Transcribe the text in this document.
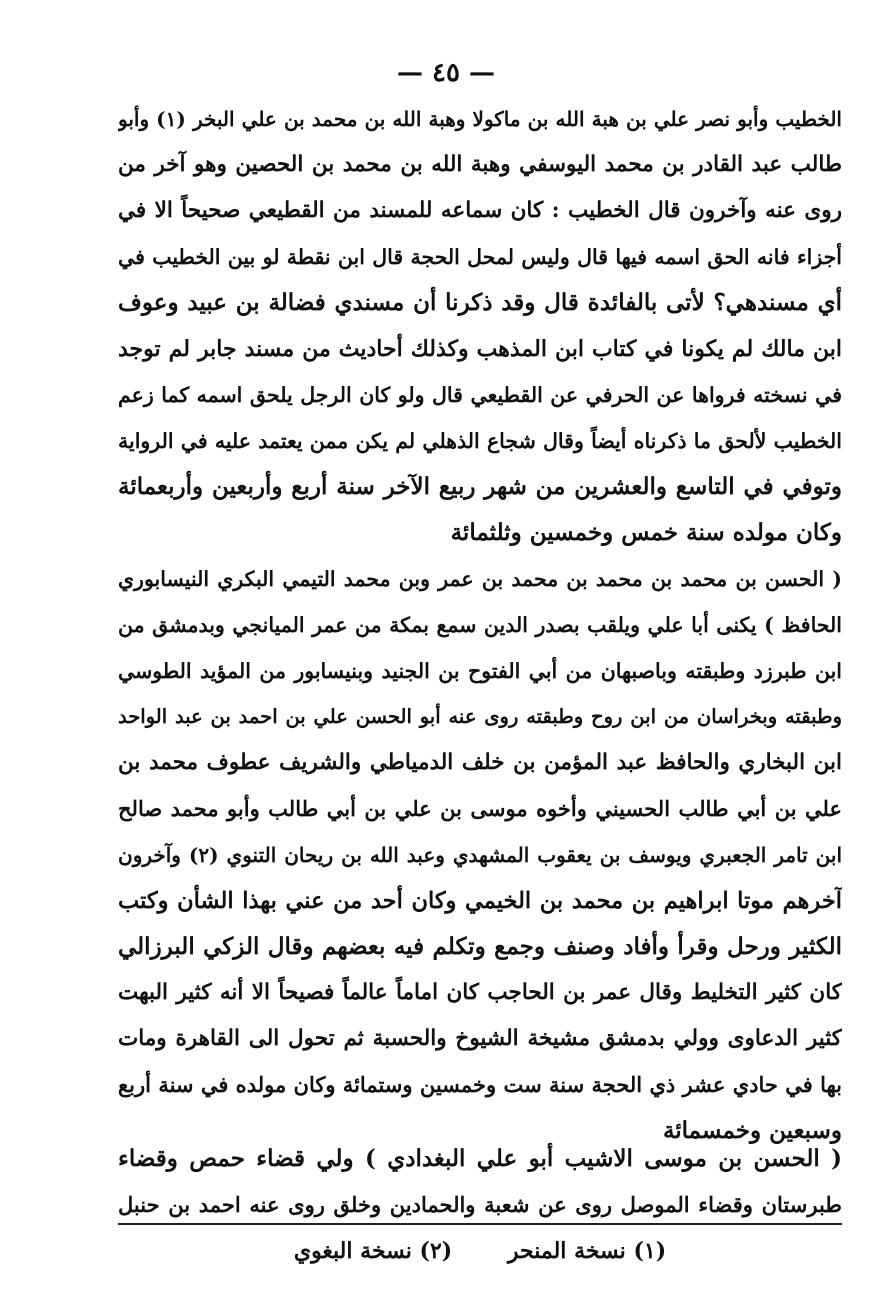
— ٤٥ —
الخطيب وأبو نصر علي بن هبة الله بن ماكولا وهبة الله بن محمد بن علي البخر (١) وأبو
طالب عبد القادر بن محمد اليوسفي وهبة الله بن محمد بن الحصين وهو آخر من
روى عنه وآخرون قال الخطيب : كان سماعه للمسند من القطيعي صحيحاً الا في
أجزاء فانه الحق اسمه فيها قال وليس لمحل الحجة قال ابن نقطة لو بين الخطيب في
أي مسندهي؟ لأتى بالفائدة قال وقد ذكرنا أن مسندي فضالة بن عبيد وعوف
ابن مالك لم يكونا في كتاب ابن المذهب وكذلك أحاديث من مسند جابر لم توجد
في نسخته فرواها عن الحرفي عن القطيعي قال ولو كان الرجل يلحق اسمه كما زعم
الخطيب لألحق ما ذكرناه أيضاً وقال شجاع الذهلي لم يكن ممن يعتمد عليه في الرواية
وتوفي في التاسع والعشرين من شهر ربيع الآخر سنة أربع وأربعين وأربعمائة
وكان مولده سنة خمس وخمسين وثلثمائة
( الحسن بن محمد بن محمد بن محمد بن عمر وبن محمد التيمي البكري النيسابوري
الحافظ ) يكنى أبا علي ويلقب بصدر الدين سمع بمكة من عمر الميانجي وبدمشق من
ابن طبرزد وطبقته وباصبهان من أبي الفتوح بن الجنيد وبنيسابور من المؤيد الطوسي
وطبقته وبخراسان من ابن روح وطبقته روى عنه أبو الحسن علي بن احمد بن عبد الواحد
ابن البخاري والحافظ عبد المؤمن بن خلف الدمياطي والشريف عطوف محمد بن
علي بن أبي طالب الحسيني وأخوه موسى بن علي بن أبي طالب وأبو محمد صالح
ابن تامر الجعبري ويوسف بن يعقوب المشهدي وعبد الله بن ريحان التنوي (٢) وآخرون
آخرهم موتا ابراهيم بن محمد بن الخيمي وكان أحد من عني بهذا الشأن وكتب
الكثير ورحل وقرأ وأفاد وصنف وجمع وتكلم فيه بعضهم وقال الزكي البرزالي
كان كثير التخليط وقال عمر بن الحاجب كان اماماً عالماً فصيحاً الا أنه كثير البهت
كثير الدعاوى وولي بدمشق مشيخة الشيوخ والحسبة ثم تحول الى القاهرة ومات
بها في حادي عشر ذي الحجة سنة ست وخمسين وستمائة وكان مولده في سنة أربع
وسبعين وخمسمائة
( الحسن بن موسى الاشيب أبو علي البغدادي ) ولي قضاء حمص وقضاء
طبرستان وقضاء الموصل روى عن شعبة والحمادين وخلق روى عنه احمد بن حنبل
(١) نسخة المنحر (٢) نسخة البغوي
